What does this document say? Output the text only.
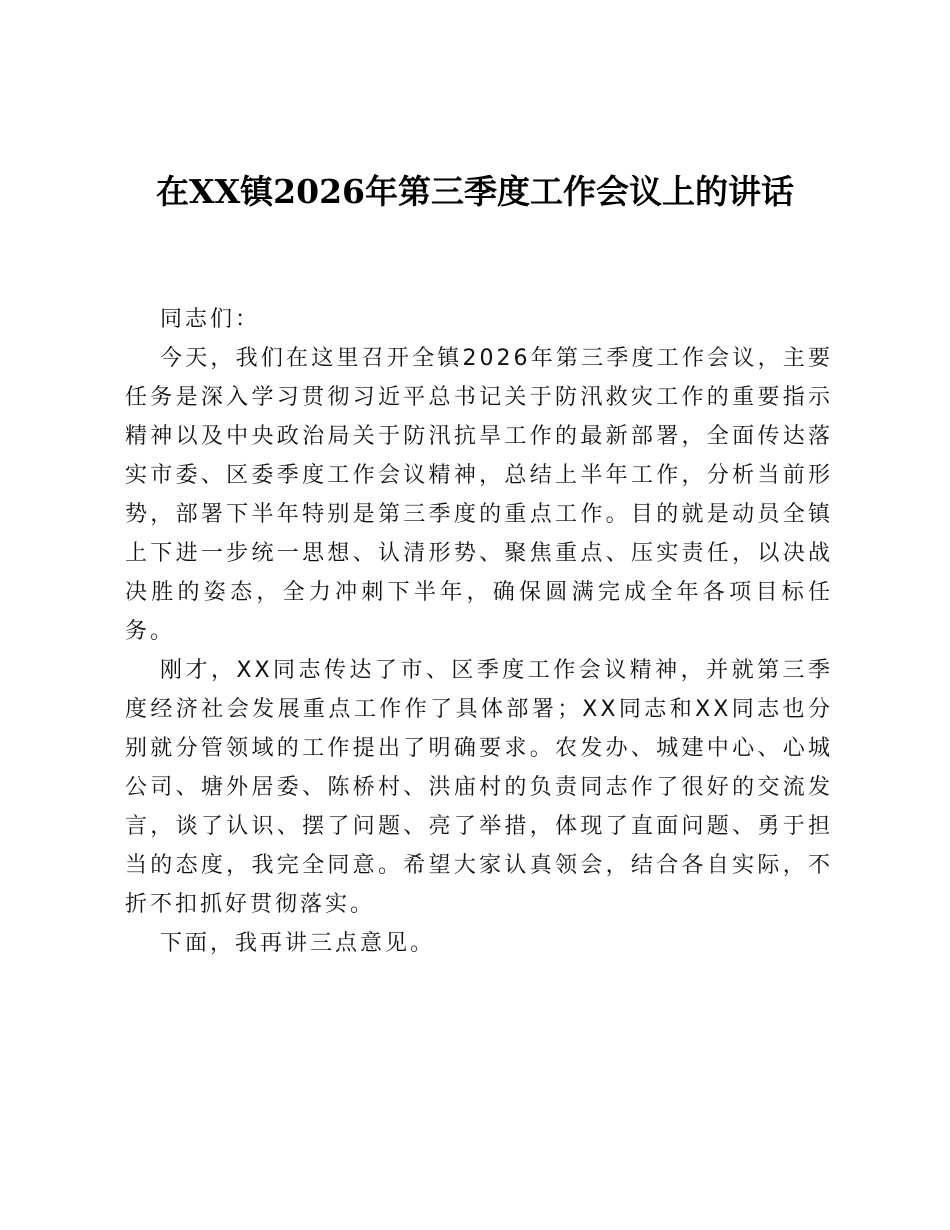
在XX镇2026年第三季度工作会议上的讲话

同志们：

今天，我们在这里召开全镇2026年第三季度工作会议，主要任务是深入学习贯彻习近平总书记关于防汛救灾工作的重要指示精神以及中央政治局关于防汛抗旱工作的最新部署，全面传达落实市委、区委季度工作会议精神，总结上半年工作，分析当前形势，部署下半年特别是第三季度的重点工作。目的就是动员全镇上下进一步统一思想、认清形势、聚焦重点、压实责任，以决战决胜的姿态，全力冲刺下半年，确保圆满完成全年各项目标任务。

刚才，XX同志传达了市、区季度工作会议精神，并就第三季度经济社会发展重点工作作了具体部署；XX同志和XX同志也分别就分管领域的工作提出了明确要求。农发办、城建中心、心城公司、塘外居委、陈桥村、洪庙村的负责同志作了很好的交流发言，谈了认识、摆了问题、亮了举措，体现了直面问题、勇于担当的态度，我完全同意。希望大家认真领会，结合各自实际，不折不扣抓好贯彻落实。

下面，我再讲三点意见。
